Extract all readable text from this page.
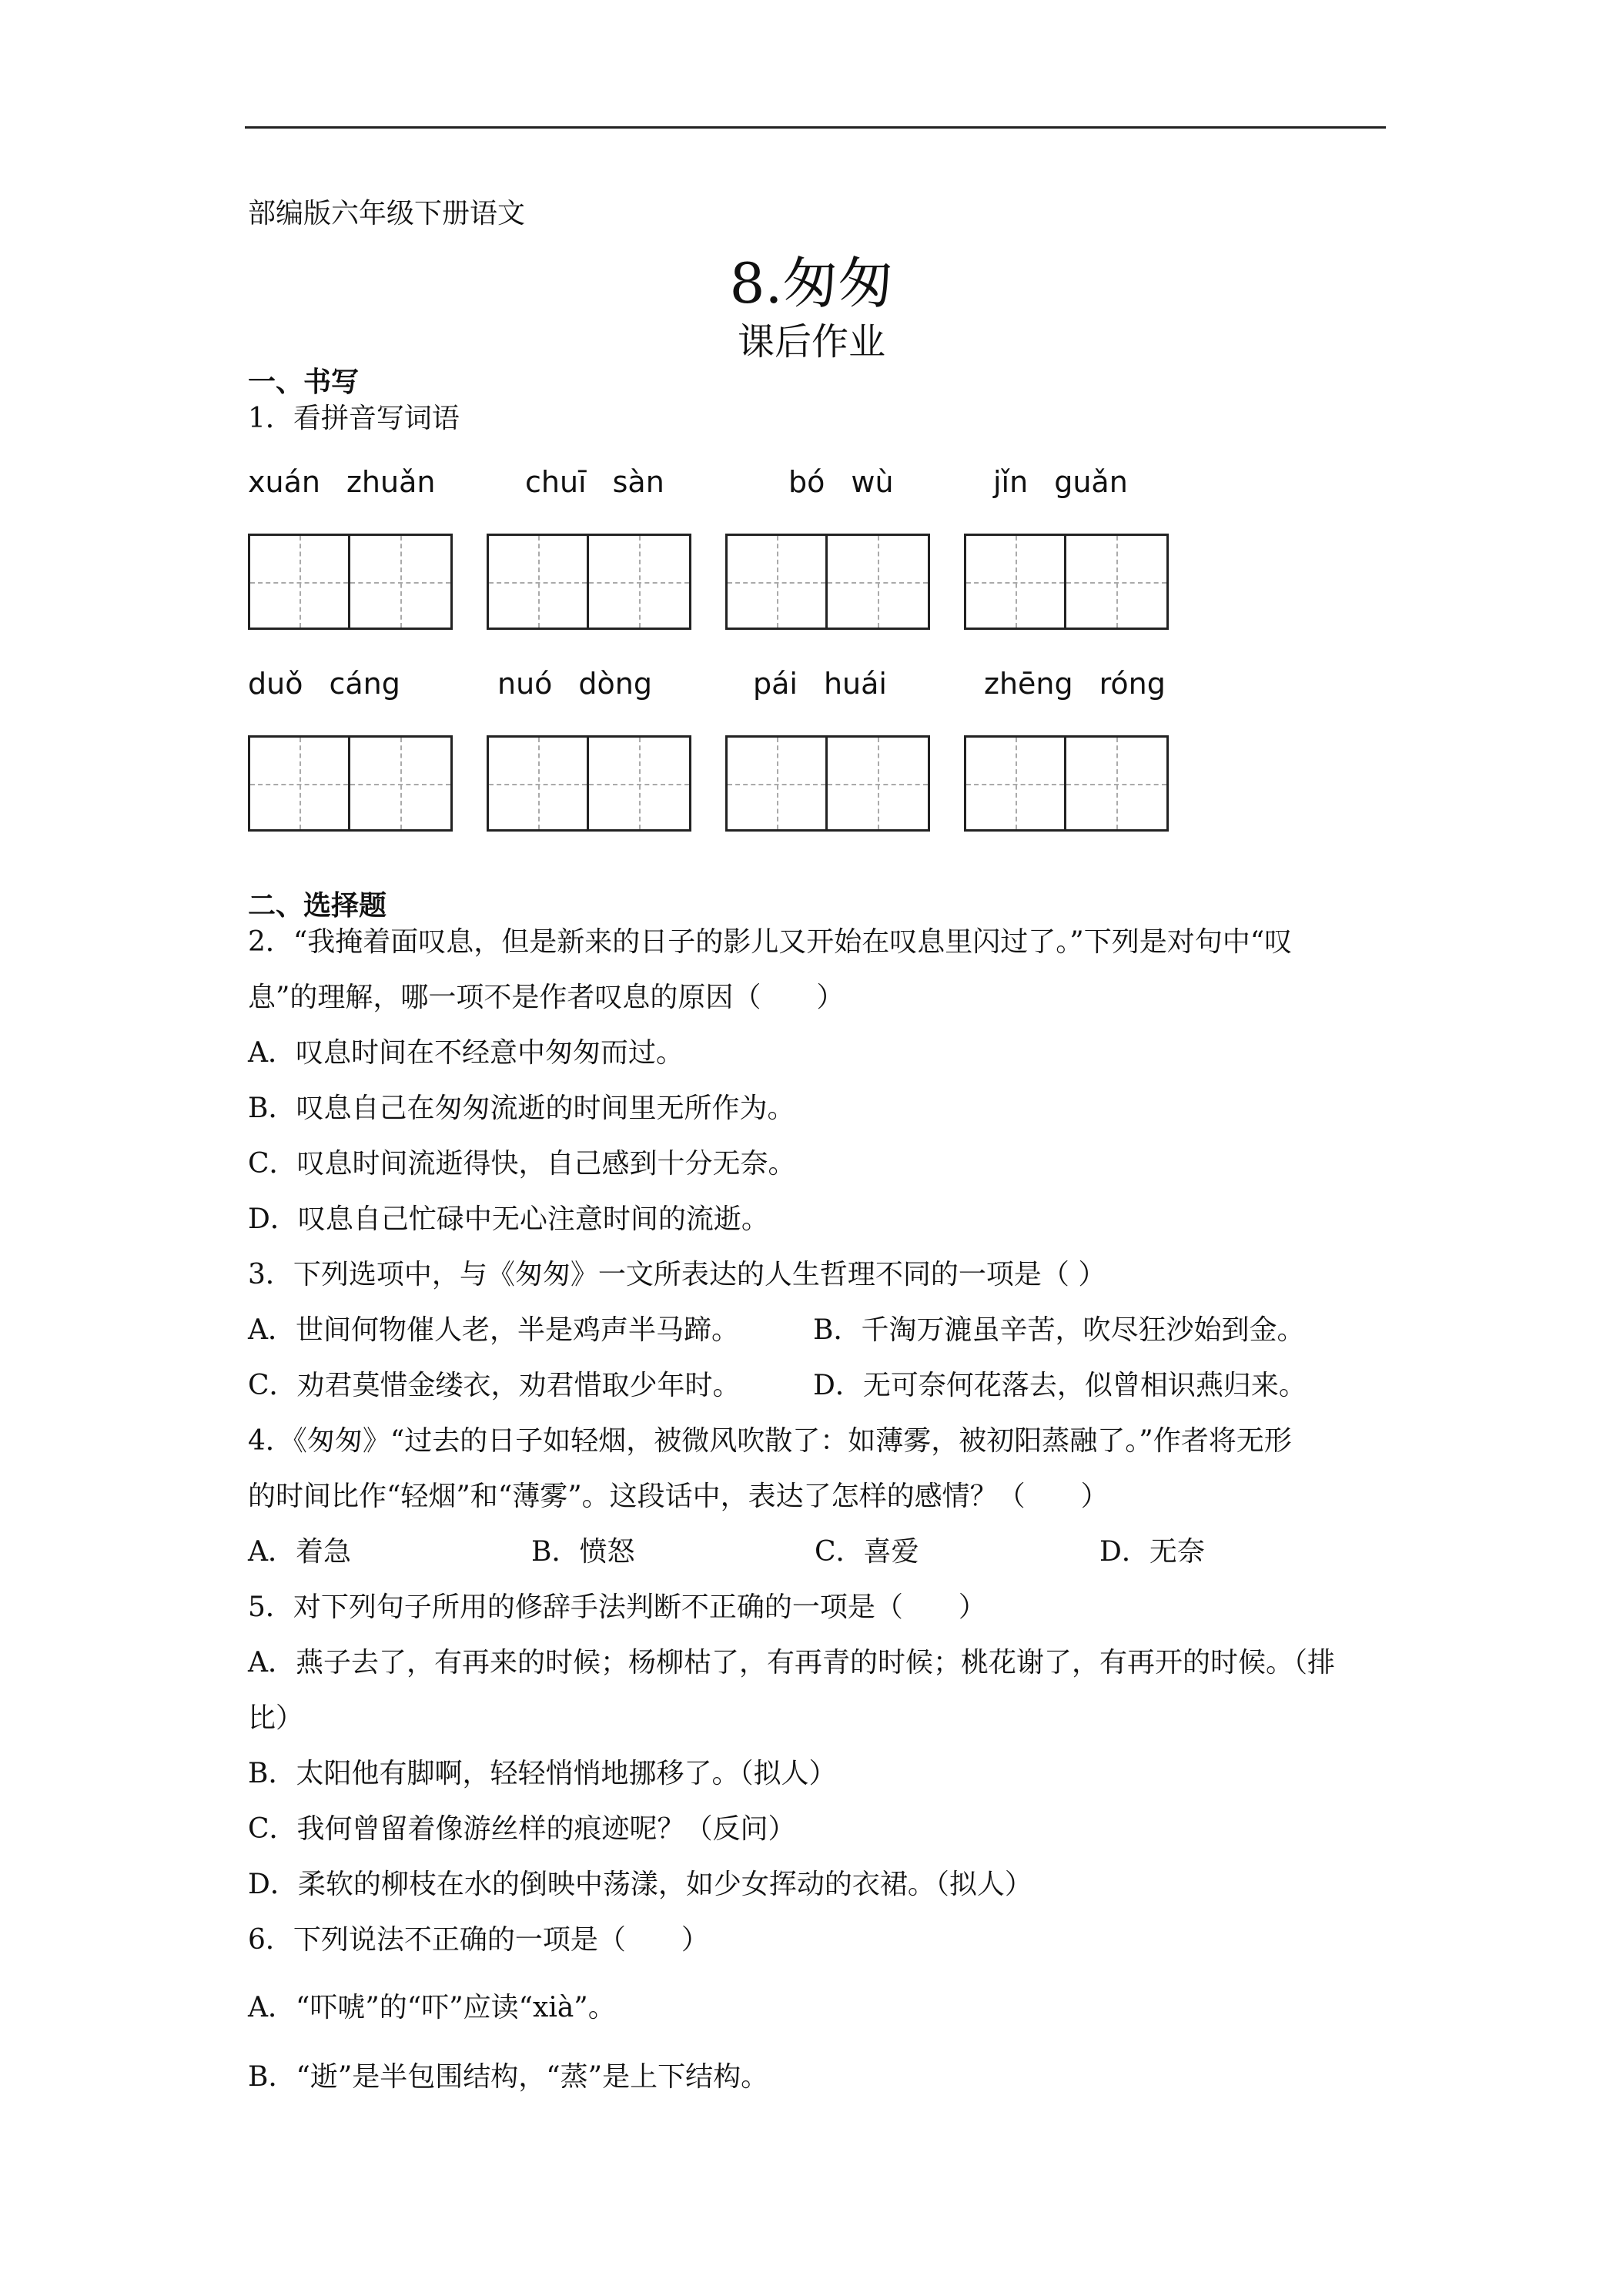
部编版六年级下册语文
8.匆匆
课后作业
一、书写
1．看拼音写词语
xuán zhuǎn	chuī sàn	bó wù	jǐn guǎn
duǒ cáng	nuó dòng	pái huái	zhēng róng
二、选择题
2．“我掩着面叹息，但是新来的日子的影儿又开始在叹息里闪过了。”下列是对句中“叹
息”的理解，哪一项不是作者叹息的原因（　　）
A．叹息时间在不经意中匆匆而过。
B．叹息自己在匆匆流逝的时间里无所作为。
C．叹息时间流逝得快，自己感到十分无奈。
D．叹息自己忙碌中无心注意时间的流逝。
3．下列选项中，与《匆匆》一文所表达的人生哲理不同的一项是（ ）
A．世间何物催人老，半是鸡声半马蹄。	B．千淘万漉虽辛苦，吹尽狂沙始到金。
C．劝君莫惜金缕衣，劝君惜取少年时。	D．无可奈何花落去，似曾相识燕归来。
4．《匆匆》“过去的日子如轻烟，被微风吹散了：如薄雾，被初阳蒸融了。”作者将无形
的时间比作“轻烟”和“薄雾”。这段话中，表达了怎样的感情？（　　）
A．着急	B．愤怒	C．喜爱	D．无奈
5．对下列句子所用的修辞手法判断不正确的一项是（　　）
A．燕子去了，有再来的时候；杨柳枯了，有再青的时候；桃花谢了，有再开的时候。（排
比）
B．太阳他有脚啊，轻轻悄悄地挪移了。（拟人）
C．我何曾留着像游丝样的痕迹呢？（反问）
D．柔软的柳枝在水的倒映中荡漾，如少女挥动的衣裙。（拟人）
6．下列说法不正确的一项是（　　）
A．“吓唬”的“吓”应读“xià”。
B．“逝”是半包围结构，“蒸”是上下结构。
